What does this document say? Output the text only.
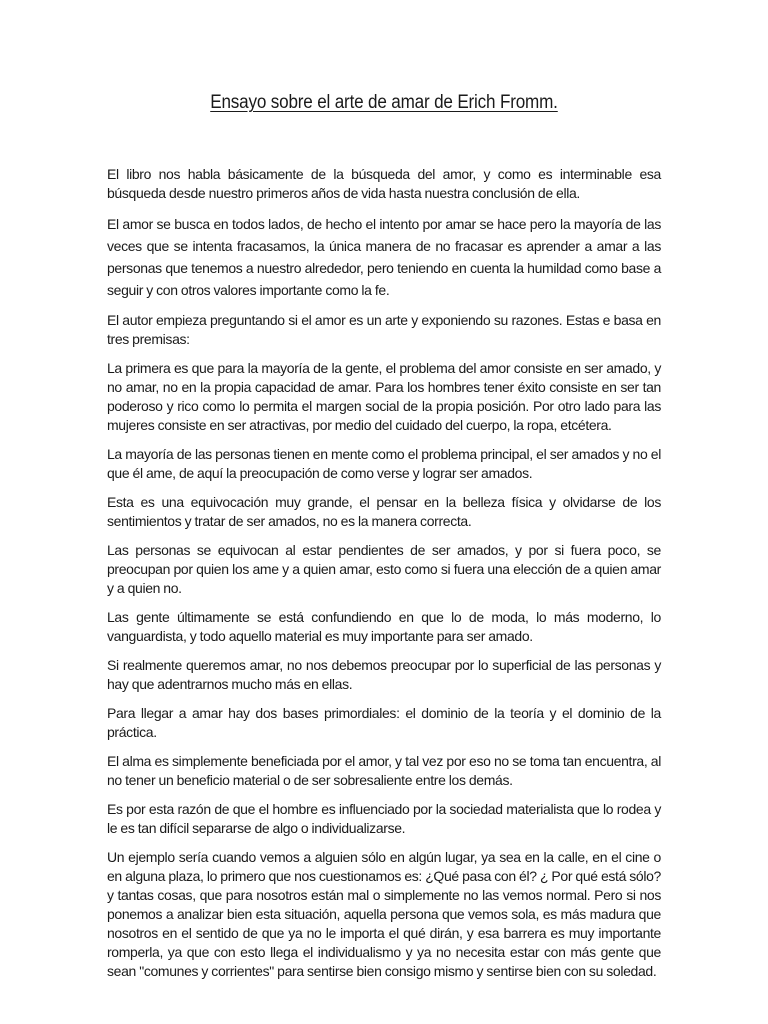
Ensayo sobre el arte de amar de Erich Fromm.

El libro nos habla básicamente de la búsqueda del amor, y como es interminable esa búsqueda desde nuestro primeros años de vida hasta nuestra conclusión de ella.

El amor se busca en todos lados, de hecho el intento por amar se hace pero la mayoría de las veces que se intenta fracasamos, la única manera de no fracasar es aprender a amar a las personas que tenemos a nuestro alrededor, pero teniendo en cuenta la humildad como base a seguir y con otros valores importante como la fe.

El autor empieza preguntando si el amor es un arte y exponiendo su razones. Estas e basa en tres premisas:

La primera es que para la mayoría de la gente, el problema del amor consiste en ser amado, y no amar, no en la propia capacidad de amar. Para los hombres tener éxito consiste en ser tan poderoso y rico como lo permita el margen social de la propia posición. Por otro lado para las mujeres consiste en ser atractivas, por medio del cuidado del cuerpo, la ropa, etcétera.

La mayoría de las personas tienen en mente como el problema principal, el ser amados y no el que él ame, de aquí la preocupación de como verse y lograr ser amados.

Esta es una equivocación muy grande, el pensar en la belleza física y olvidarse de los sentimientos y tratar de ser amados, no es la manera correcta.

Las personas se equivocan al estar pendientes de ser amados, y por si fuera poco, se preocupan por quien los ame y a quien amar, esto como si fuera una elección de a quien amar y a quien no.

Las gente últimamente se está confundiendo en que lo de moda, lo más moderno, lo vanguardista, y todo aquello material es muy importante para ser amado.

Si realmente queremos amar, no nos debemos preocupar por lo superficial de las personas y hay que adentrarnos mucho más en ellas.

Para llegar a amar hay dos bases primordiales: el dominio de la teoría y el dominio de la práctica.

El alma es simplemente beneficiada por el amor, y tal vez por eso no se toma tan encuentra, al no tener un beneficio material o de ser sobresaliente entre los demás.

Es por esta razón de que el hombre es influenciado por la sociedad materialista que lo rodea y le es tan difícil separarse de algo o individualizarse.

Un ejemplo sería cuando vemos a alguien sólo en algún lugar, ya sea en la calle, en el cine o en alguna plaza, lo primero que nos cuestionamos es: ¿Qué pasa con él? ¿ Por qué está sólo? y tantas cosas, que para nosotros están mal o simplemente no las vemos normal. Pero si nos ponemos a analizar bien esta situación, aquella persona que vemos sola, es más madura que nosotros en el sentido de que ya no le importa el qué dirán, y esa barrera es muy importante romperla, ya que con esto llega el individualismo y ya no necesita estar con más gente que sean "comunes y corrientes" para sentirse bien consigo mismo y sentirse bien con su soledad.
